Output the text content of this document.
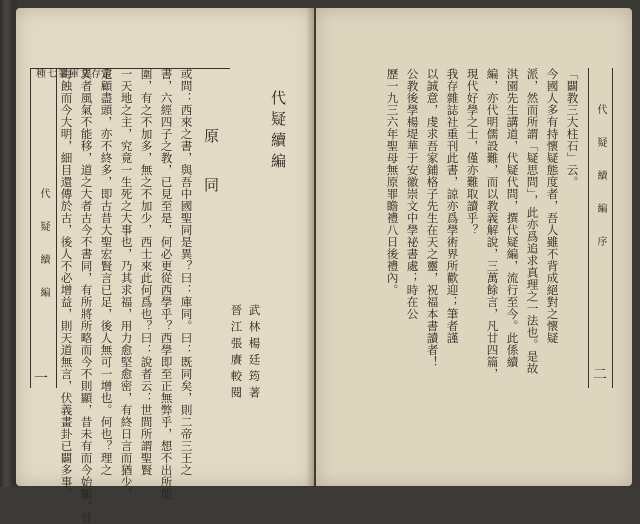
叢存文庫第七種
代 疑 續 編
一 晦蝕而今大明，細目還傳於古，後人不必增益，則天道無言，伏義畫卦已闢多事， 異者風氣不能移，道之大者古今不書同，有所將所略而今不則顯，昔未有而今始顯，昔 定顧盡頭，亦不終多，即古昔大聖宏賢言已足，後人無可一增也。何也？理之 一天地之主，究竟一生死之大事也，乃其求福，用力愈堅愈密，有終日言而猶少， 圍，有之不加多，無之不加少，西士來此何爲也？曰：說者云：世間所謂聖賢 書，六經四子之教，已見至是，何必更從西學乎？西學即至正無弊乎，想不出所能 或問：西來之書，與吾中國聖同是異？曰：庫同。曰：既同矣，則二帝三王之 原 同
晉江張賡較閱 武林楊廷筠著
代疑續編	代 疑 續 編 序
二
歷一九三六年聖母無原罪瞻禮八日後禮內。 公教後學楊堤華于安徽崇文中學祕書處；時在公 以誠意，虔求吾家鋪格子先生在天之靈，祝福本書讀者！ 我存雜誌社重刊此書，諒亦爲學術界所歡迎；筆者謹 現代好學之士，僅亦難取讀乎？ 編，亦代明儒設難，而以教義解說，三萬餘言，凡廿四篇， 淇園先生講道，代疑代問，撰代疑編，流行至今。此係續 派，然而所謂「疑思問」，此亦爲追求真理之一法也。是故 今國人多有持懷疑態度者，吾人雖不背成絕對之懷疑 「闢教三大柱石」云。
